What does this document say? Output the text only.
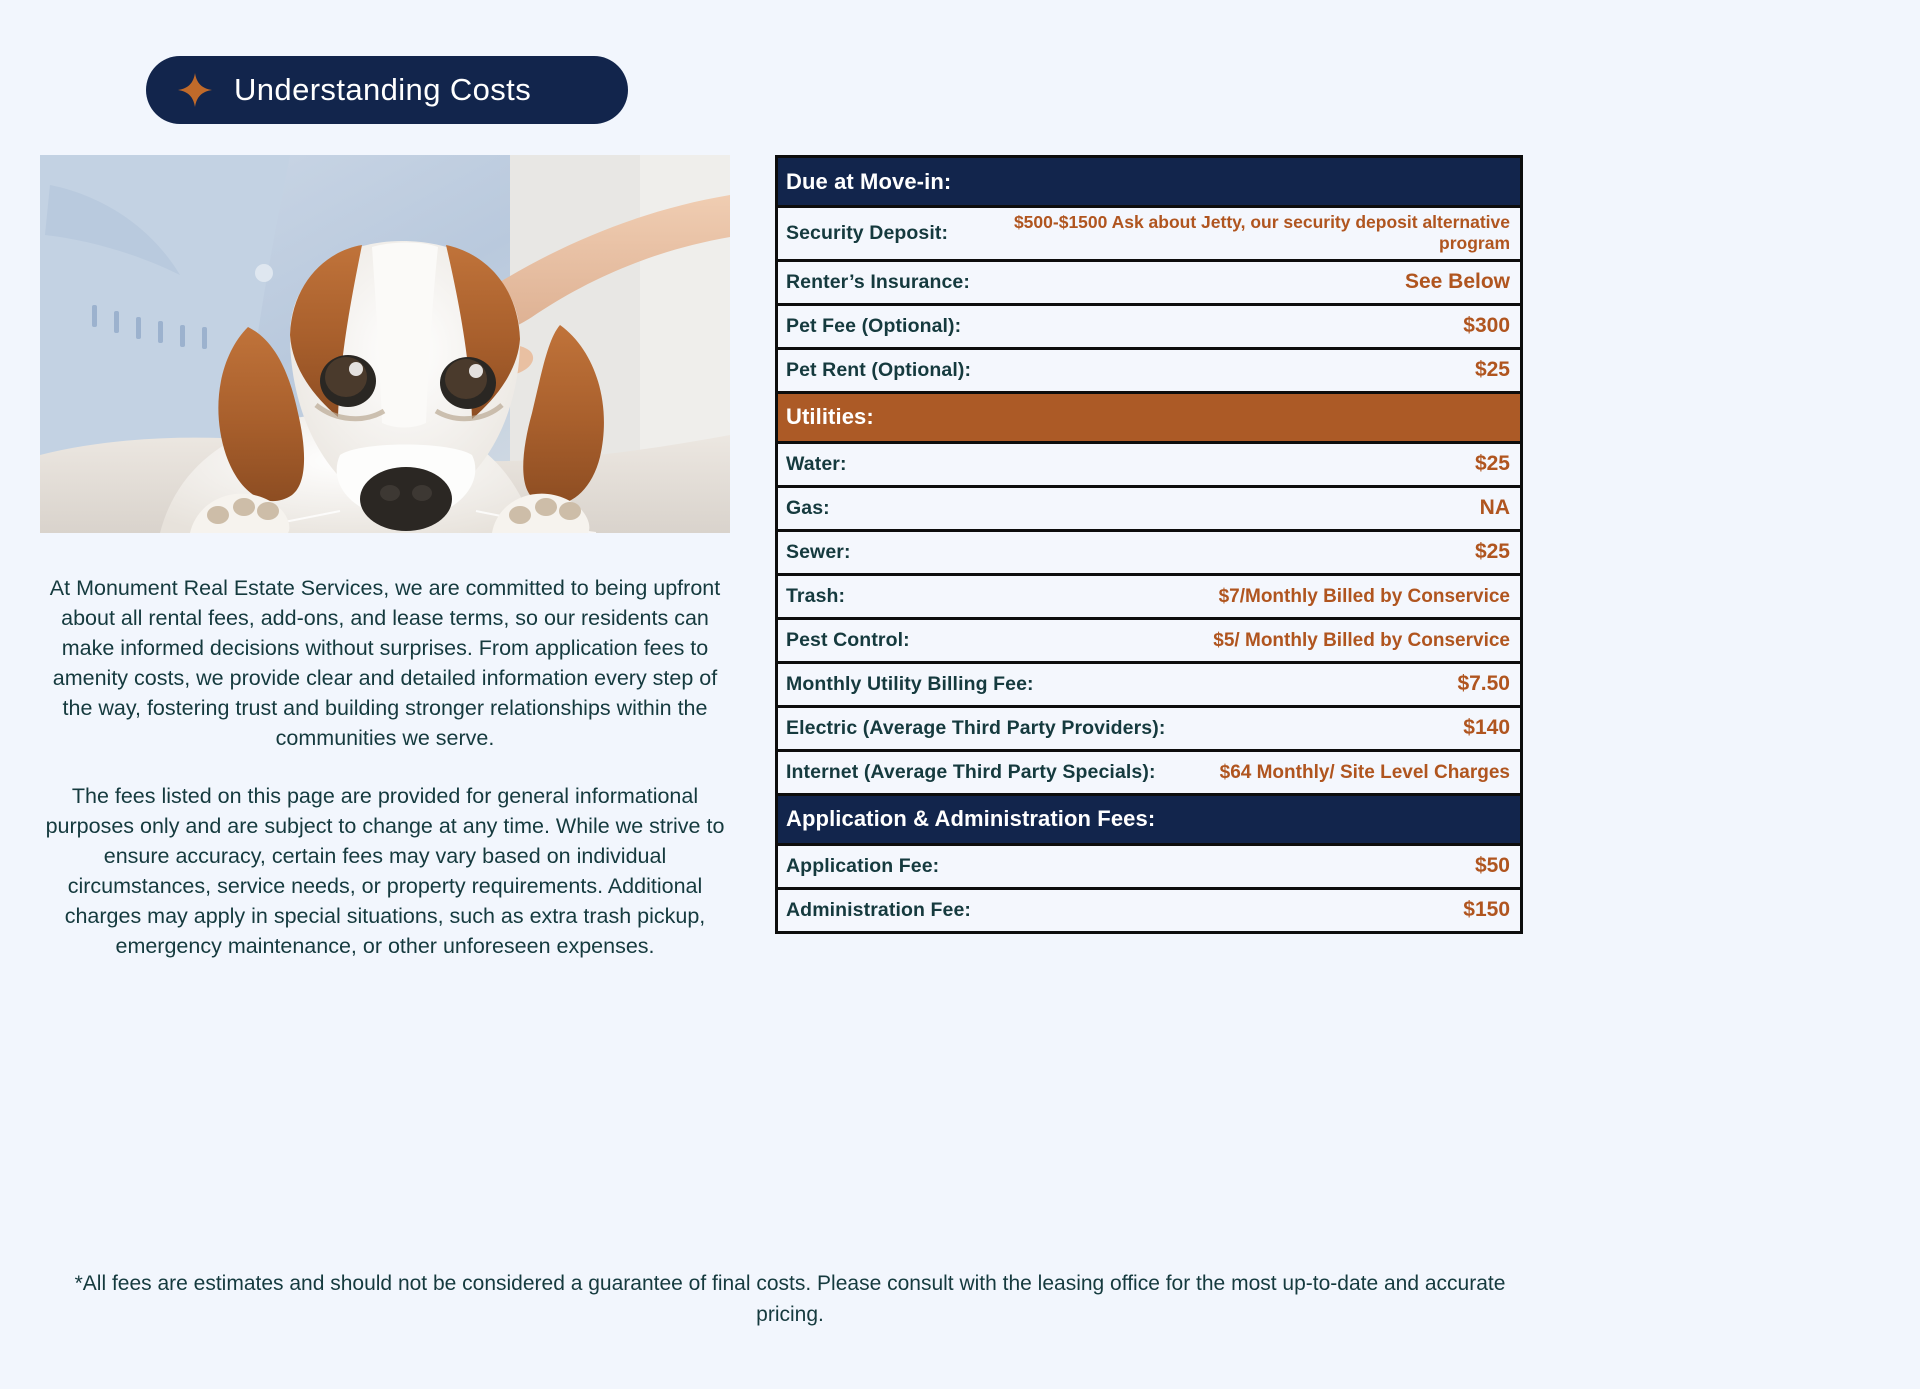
Understanding Costs

At Monument Real Estate Services, we are committed to being upfront about all rental fees, add-ons, and lease terms, so our residents can make informed decisions without surprises. From application fees to amenity costs, we provide clear and detailed information every step of the way, fostering trust and building stronger relationships within the communities we serve.

The fees listed on this page are provided for general informational purposes only and are subject to change at any time. While we strive to ensure accuracy, certain fees may vary based on individual circumstances, service needs, or property requirements. Additional charges may apply in special situations, such as extra trash pickup, emergency maintenance, or other unforeseen expenses.

Due at Move-in:
Security Deposit:	$500-$1500 Ask about Jetty, our security deposit alternative program
Renter’s Insurance:	See Below
Pet Fee (Optional):	$300
Pet Rent (Optional):	$25
Utilities:
Water:	$25
Gas:	NA
Sewer:	$25
Trash:	$7/Monthly Billed by Conservice
Pest Control:	$5/ Monthly Billed by Conservice
Monthly Utility Billing Fee:	$7.50
Electric (Average Third Party Providers):	$140
Internet (Average Third Party Specials):	$64 Monthly/ Site Level Charges
Application & Administration Fees:
Application Fee:	$50
Administration Fee:	$150
*All fees are estimates and should not be considered a guarantee of final costs. Please consult with the leasing office for the most up-to-date and accurate pricing.
